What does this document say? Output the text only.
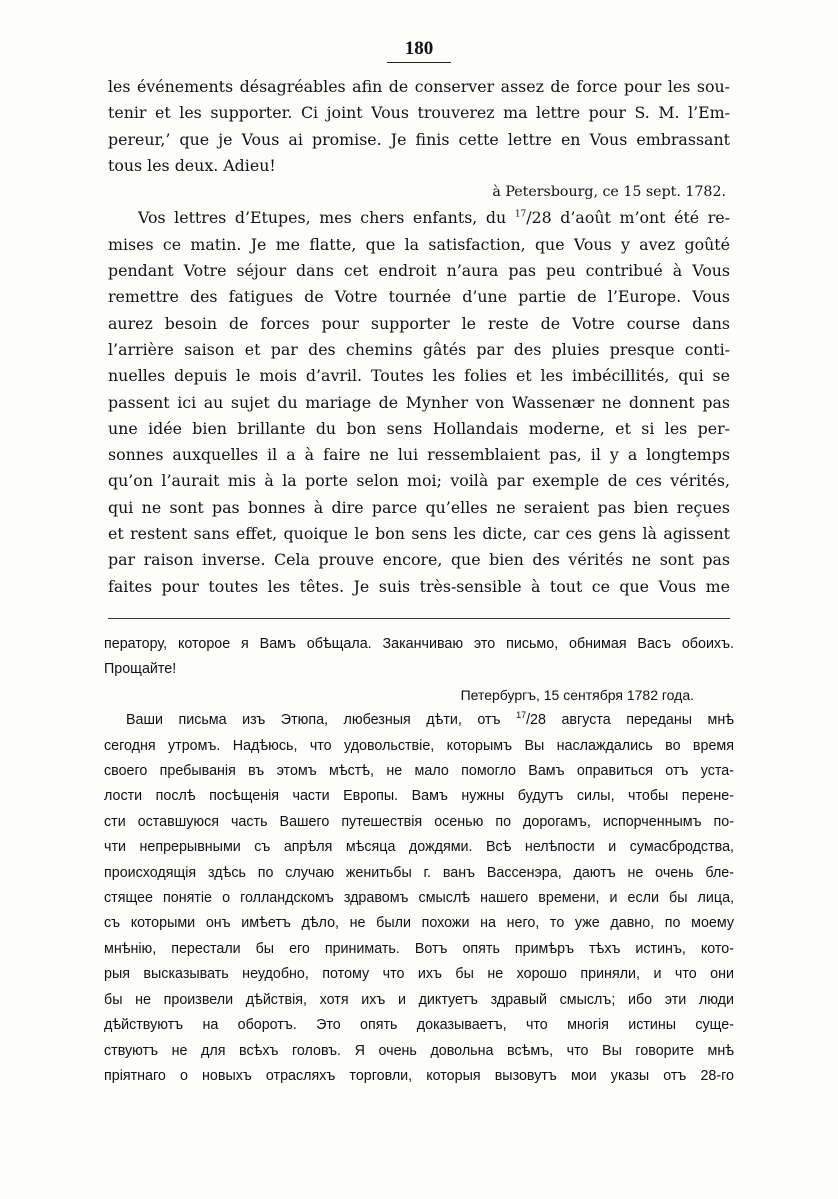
180
les événements désagréables afin de conserver assez de force pour les sou-
tenir et les supporter. Ci joint Vous trouverez ma lettre pour S. M. l’Em-
pereur,’ que je Vous ai promise. Je finis cette lettre en Vous embrassant
tous les deux. Adieu!
à Petersbourg, ce 15 sept. 1782.
Vos lettres d’Etupes, mes chers enfants, du $^{17}$/28 d’août m’ont été re-
mises ce matin. Je me flatte, que la satisfaction, que Vous y avez goûté
pendant Votre séjour dans cet endroit n’aura pas peu contribué à Vous
remettre des fatigues de Votre tournée d’une partie de l’Europe. Vous
aurez besoin de forces pour supporter le reste de Votre course dans
l’arrière saison et par des chemins gâtés par des pluies presque conti-
nuelles depuis le mois d’avril. Toutes les folies et les imbécillités, qui se
passent ici au sujet du mariage de Mynher von Wassenær ne donnent pas
une idée bien brillante du bon sens Hollandais moderne, et si les per-
sonnes auxquelles il a à faire ne lui ressemblaient pas, il y a longtemps
qu’on l’aurait mis à la porte selon moi; voilà par exemple de ces vérités,
qui ne sont pas bonnes à dire parce qu’elles ne seraient pas bien reçues
et restent sans effet, quoique le bon sens les dicte, car ces gens là agissent
par raison inverse. Cela prouve encore, que bien des vérités ne sont pas
faites pour toutes les têtes. Je suis très-sensible à tout ce que Vous me
ператору, которое я Вамъ обѣщала. Заканчиваю это письмо, обнимая Васъ обоихъ.
Прощайте!
Петербургъ, 15 сентября 1782 года.
Ваши письма изъ Этюпа, любезныя дѣти, отъ $^{17}$/28 августа переданы мнѣ
сегодня утромъ. Надѣюсь, что удовольствіе, которымъ Вы наслаждались во время
своего пребыванія въ этомъ мѣстѣ, не мало помогло Вамъ оправиться отъ уста-
лости послѣ посѣщенія части Европы. Вамъ нужны будутъ силы, чтобы перене-
сти оставшуюся часть Вашего путешествія осенью по дорогамъ, испорченнымъ по-
чти непрерывными съ апрѣля мѣсяца дождями. Всѣ нелѣпости и сумасбродства,
происходящія здѣсь по случаю женитьбы г. ванъ Вассенэра, даютъ не очень бле-
стящее понятіе о голландскомъ здравомъ смыслѣ нашего времени, и если бы лица,
съ которыми онъ имѣетъ дѣло, не были похожи на него, то уже давно, по моему
мнѣнію, перестали бы его принимать. Вотъ опять примѣръ тѣхъ истинъ, кото-
рыя высказывать неудобно, потому что ихъ бы не хорошо приняли, и что они
бы не произвели дѣйствія, хотя ихъ и диктуетъ здравый смыслъ; ибо эти люди
дѣйствуютъ на оборотъ. Это опять доказываетъ, что многія истины суще-
ствуютъ не для всѣхъ головъ. Я очень довольна всѣмъ, что Вы говорите мнѣ
пріятнаго о новыхъ отрасляхъ торговли, которыя вызовутъ мои указы отъ 28-го
